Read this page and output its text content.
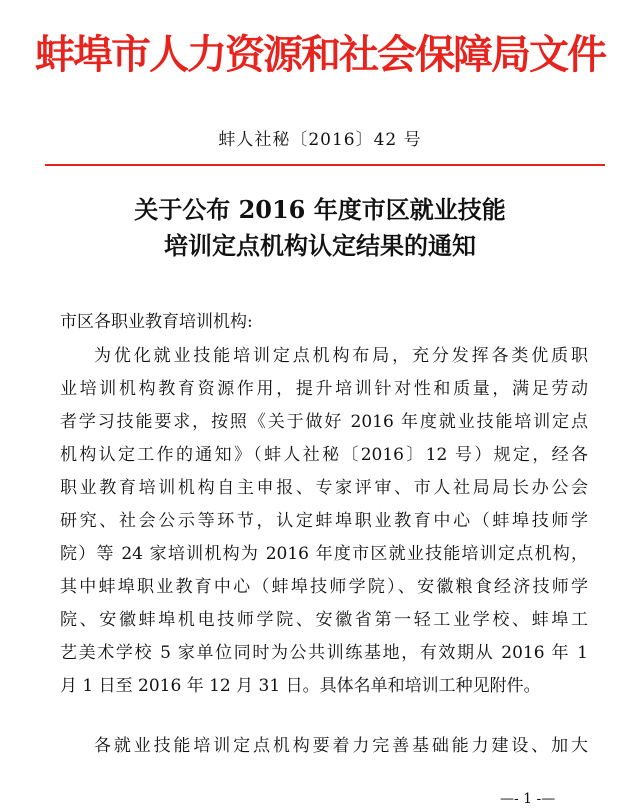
蚌埠市人力资源和社会保障局文件
蚌人社秘〔2016〕42 号
关于公布 2016 年度市区就业技能
培训定点机构认定结果的通知
市区各职业教育培训机构:
为优化就业技能培训定点机构布局，充分发挥各类优质职
业培训机构教育资源作用，提升培训针对性和质量，满足劳动
者学习技能要求，按照《关于做好 2016 年度就业技能培训定点
机构认定工作的通知》（蚌人社秘〔2016〕12 号）规定，经各
职业教育培训机构自主申报、专家评审、市人社局局长办公会
研究、社会公示等环节，认定蚌埠职业教育中心（蚌埠技师学
院）等 24 家培训机构为 2016 年度市区就业技能培训定点机构，
其中蚌埠职业教育中心（蚌埠技师学院）、安徽粮食经济技师学
院、安徽蚌埠机电技师学院、安徽省第一轻工业学校、蚌埠工
艺美术学校 5 家单位同时为公共训练基地，有效期从 2016 年 1
月 1 日至 2016 年 12 月 31 日。具体名单和培训工种见附件。
各就业技能培训定点机构要着力完善基础能力建设、加大
—- 1 -—
